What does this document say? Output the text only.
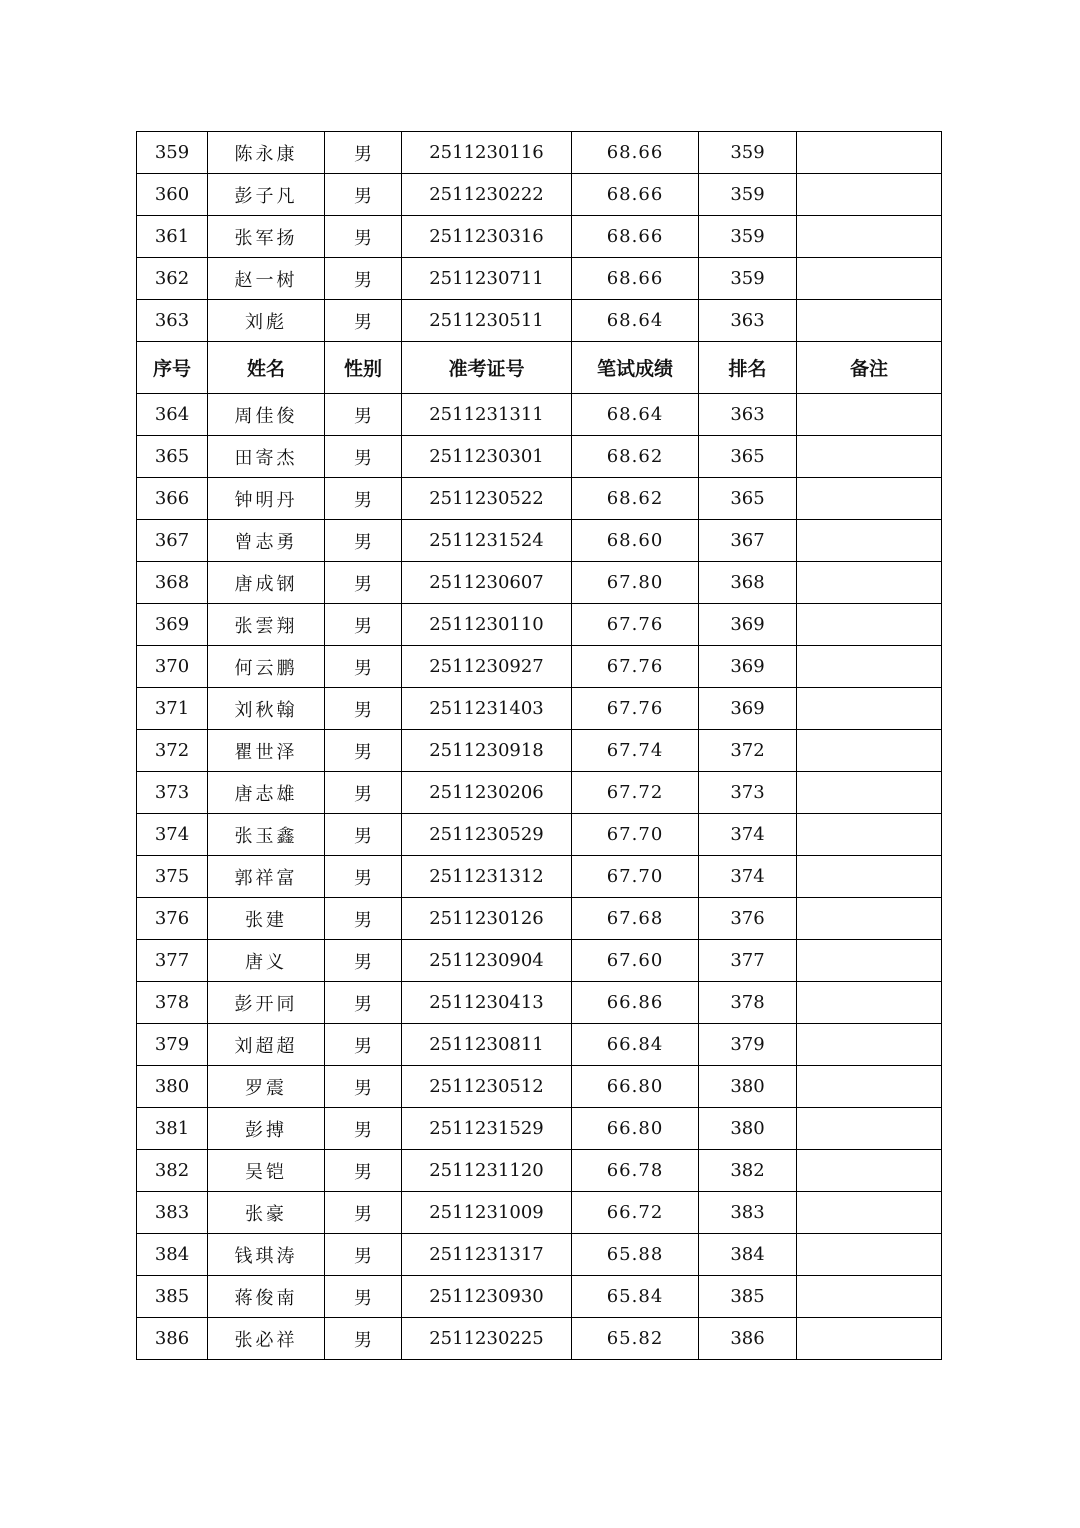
359	陈永康	男	2511230116	68.66	359	
360	彭子凡	男	2511230222	68.66	359	
361	张军扬	男	2511230316	68.66	359	
362	赵一树	男	2511230711	68.66	359	
363	刘彪	男	2511230511	68.64	363	
序号	姓名	性别	准考证号	笔试成绩	排名	备注
364	周佳俊	男	2511231311	68.64	363	
365	田寄杰	男	2511230301	68.62	365	
366	钟明丹	男	2511230522	68.62	365	
367	曾志勇	男	2511231524	68.60	367	
368	唐成钢	男	2511230607	67.80	368	
369	张雲翔	男	2511230110	67.76	369	
370	何云鹏	男	2511230927	67.76	369	
371	刘秋翰	男	2511231403	67.76	369	
372	瞿世泽	男	2511230918	67.74	372	
373	唐志雄	男	2511230206	67.72	373	
374	张玉鑫	男	2511230529	67.70	374	
375	郭祥富	男	2511231312	67.70	374	
376	张建	男	2511230126	67.68	376	
377	唐义	男	2511230904	67.60	377	
378	彭开同	男	2511230413	66.86	378	
379	刘超超	男	2511230811	66.84	379	
380	罗震	男	2511230512	66.80	380	
381	彭搏	男	2511231529	66.80	380	
382	吴铠	男	2511231120	66.78	382	
383	张豪	男	2511231009	66.72	383	
384	钱琪涛	男	2511231317	65.88	384	
385	蒋俊南	男	2511230930	65.84	385	
386	张必祥	男	2511230225	65.82	386	
